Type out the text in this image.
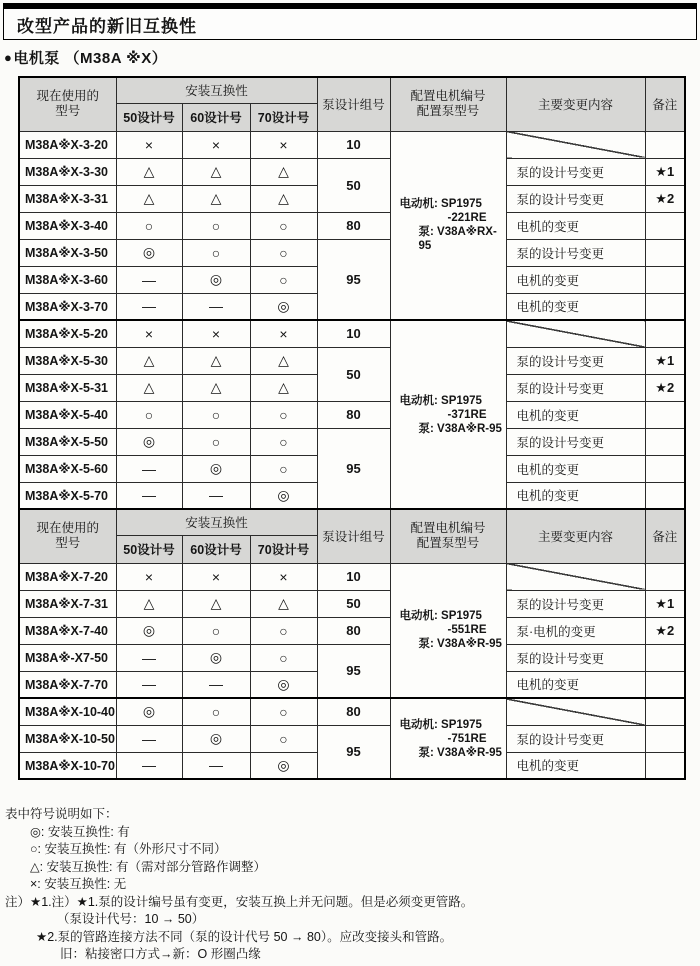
改型产品的新旧互换性
● 电机泵 （M38A ※X）
现在使用的型号	安装互换性			泵设计组号	配置电机编号
配置泵型号	主要变更内容	备注
	50设计号	60设计号	70设计号				
M38A※X-3-20	×	×	×	10	电动机: SP1975
-221RE
泵: V38A※RX-95		

M38A※X-3-30	△	△	△	50		泵的设计号变更	★1
M38A※X-3-31	△	△	△			泵的设计号变更	★2
M38A※X-3-40	○	○	○	80		电机的变更	
M38A※X-3-50	◎	○	○	95		泵的设计号变更	
M38A※X-3-60	—	◎	○			电机的变更	
M38A※X-3-70	—	—	◎			电机的变更	
M38A※X-5-20	×	×	×	10	电动机: SP1975
-371RE
泵: V38A※R-95		

M38A※X-5-30	△	△	△	50		泵的设计号变更	★1
M38A※X-5-31	△	△	△			泵的设计号变更	★2
M38A※X-5-40	○	○	○	80		电机的变更	
M38A※X-5-50	◎	○	○	95		泵的设计号变更	
M38A※X-5-60	—	◎	○			电机的变更	
M38A※X-5-70	—	—	◎			电机的变更	

现在使用的型号	安装互换性			泵设计组号	配置电机编号
配置泵型号	主要变更内容	备注
	50设计号	60设计号	70设计号				
M38A※X-7-20	×	×	×	10	电动机: SP1975
-551RE
泵: V38A※R-95		

M38A※X-7-31	△	△	△	50		泵的设计号变更	★1
M38A※X-7-40	◎	○	○	80		泵·电机的变更	★2
M38A※-X7-50	—	◎	○	95		泵的设计号变更	
M38A※X-7-70	—	—	◎			电机的变更	
M38A※X-10-40	◎	○	○	80	电动机: SP1975
-751RE
泵: V38A※R-95		

M38A※X-10-50	—	◎	○	95		泵的设计号变更	
M38A※X-10-70	—	—	◎			电机的变更	
表中符号说明如下：
◎: 安装互换性: 有
○: 安装互换性: 有（外形尺寸不同）
△: 安装互换性: 有（需对部分管路作调整）
×: 安装互换性: 无
注）★1.注）★1.泵的设计编号虽有变更，安装互换上并无问题。但是必须变更管路。
（泵设计代号：10 → 50）
★2.泵的管路连接方法不同（泵的设计代号 50 → 80）。应改变接头和管路。
旧：粘接密口方式→新：O 形圈凸缘
